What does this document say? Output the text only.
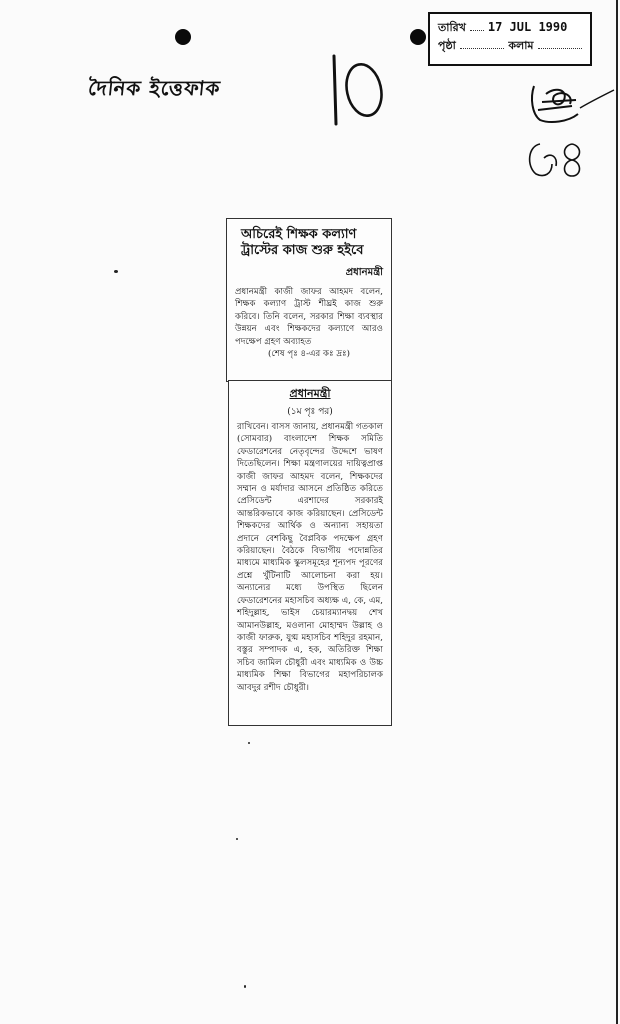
তারিখ 17 JUL 1990
পৃষ্ঠা	কলাম
দৈনিক ইত্তেফাক
অচিরেই শিক্ষক কল্যাণ ট্রাস্টের কাজ শুরু হইবে
প্রধানমন্ত্রী
প্রধানমন্ত্রী কাজী জাফর আহমদ বলেন, শিক্ষক কল্যাণ ট্রাস্ট শীঘ্রই কাজ শুরু করিবে। তিনি বলেন, সরকার শিক্ষা ব্যবস্থার উন্নয়ন এবং শিক্ষকদের কল্যাণে আরও পদক্ষেপ গ্রহণ অব্যাহত
(শেষ পৃঃ ৪-এর কঃ দ্রঃ)
প্রধানমন্ত্রী
(১ম পৃঃ পর)
রাখিবেন। বাসস জানায়, প্রধানমন্ত্রী গতকাল (সোমবার) বাংলাদেশ শিক্ষক সমিতি ফেডারেশনের নেতৃবৃন্দের উদ্দেশে ভাষণ দিতেছিলেন। শিক্ষা মন্ত্রণালয়ের দায়িত্বপ্রাপ্ত কাজী জাফর আহমদ বলেন, শিক্ষকদের সম্মান ও মর্যাদার আসনে প্রতিষ্ঠিত করিতে প্রেসিডেন্ট এরশাদের সরকারই আন্তরিকভাবে কাজ করিয়াছেন। প্রেসিডেন্ট শিক্ষকদের আর্থিক ও অন্যান্য সহায়তা প্রদানে বেশকিছু বৈপ্লবিক পদক্ষেপ গ্রহণ করিয়াছেন। বৈঠকে বিভাগীয় পদোন্নতির মাধ্যমে মাধ্যমিক স্কুলসমূহের শূন্যপদ পূরণের প্রশ্নে খুঁটিনাটি আলোচনা করা হয়। অন্যান্যের মধ্যে উপস্থিত ছিলেন ফেডারেশনের মহাসচিব অধ্যক্ষ এ, কে, এম, শহিদুল্লাহ, ভাইস চেয়ারম্যানদ্বয় শেখ আমানউল্লাহ, মওলানা মোহাম্মদ উল্লাহ ও কাজী ফারুক, যুগ্ম মহাসচিব শহিদুর রহমান, বস্তুর সম্পাদক এ, হক, অতিরিক্ত শিক্ষা সচিব জামিল চৌধুরী এবং মাধ্যমিক ও উচ্চ মাধ্যমিক শিক্ষা বিভাগের মহাপরিচালক আবদুর রশীদ চৌধুরী।
